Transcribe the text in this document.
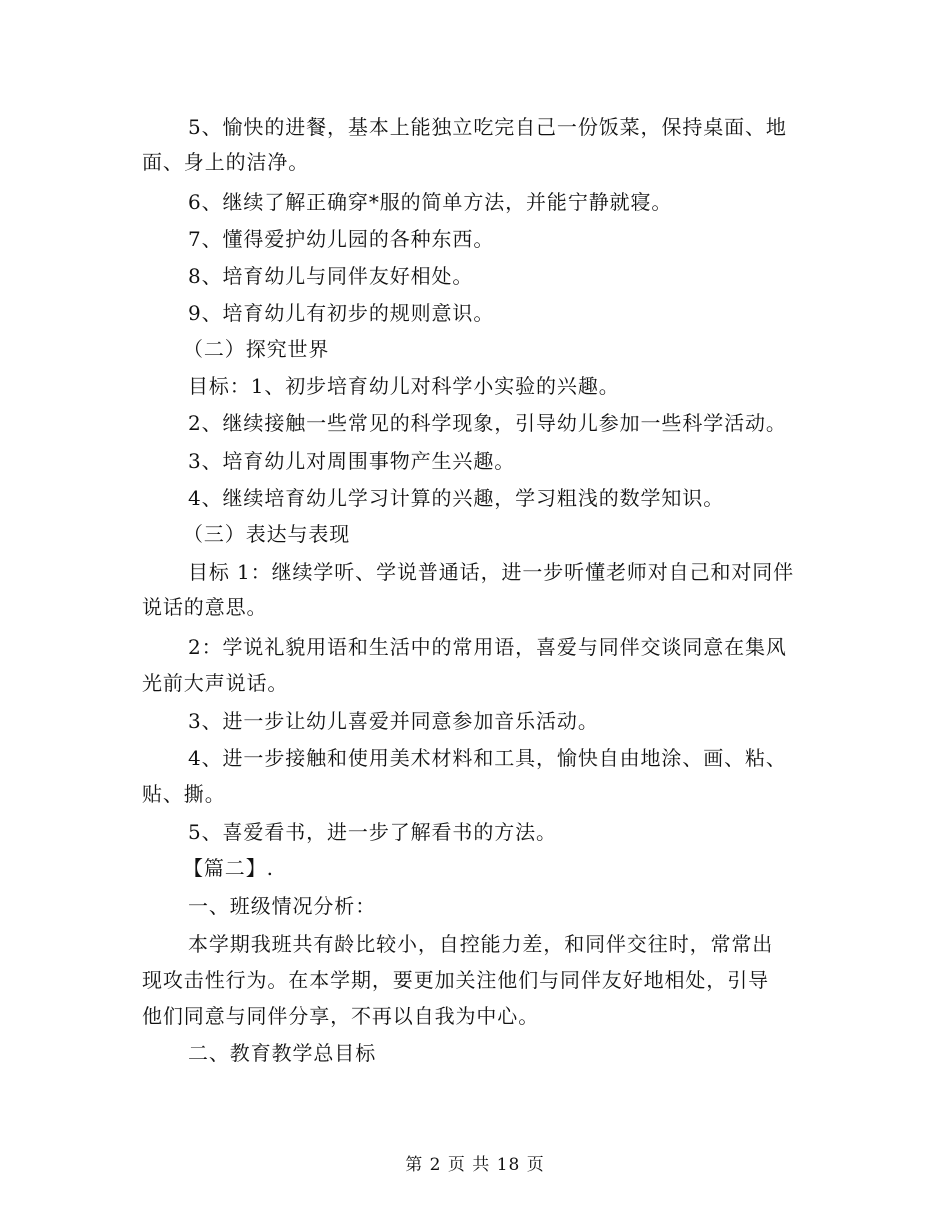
5、愉快的进餐，基本上能独立吃完自己一份饭菜，保持桌面、地
面、身上的洁净。
6、继续了解正确穿*服的简单方法，并能宁静就寝。
7、懂得爱护幼儿园的各种东西。
8、培育幼儿与同伴友好相处。
9、培育幼儿有初步的规则意识。
（二）探究世界
目标：1、初步培育幼儿对科学小实验的兴趣。
2、继续接触一些常见的科学现象，引导幼儿参加一些科学活动。
3、培育幼儿对周围事物产生兴趣。
4、继续培育幼儿学习计算的兴趣，学习粗浅的数学知识。
（三）表达与表现
目标 1：继续学听、学说普通话，进一步听懂老师对自己和对同伴
说话的意思。
2：学说礼貌用语和生活中的常用语，喜爱与同伴交谈同意在集风
光前大声说话。
3、进一步让幼儿喜爱并同意参加音乐活动。
4、进一步接触和使用美术材料和工具，愉快自由地涂、画、粘、
贴、撕。
5、喜爱看书，进一步了解看书的方法。
【篇二】.
一、班级情况分析：
本学期我班共有龄比较小，自控能力差，和同伴交往时，常常出
现攻击性行为。在本学期，要更加关注他们与同伴友好地相处，引导
他们同意与同伴分享，不再以自我为中心。
二、教育教学总目标
第 2 页 共 18 页
